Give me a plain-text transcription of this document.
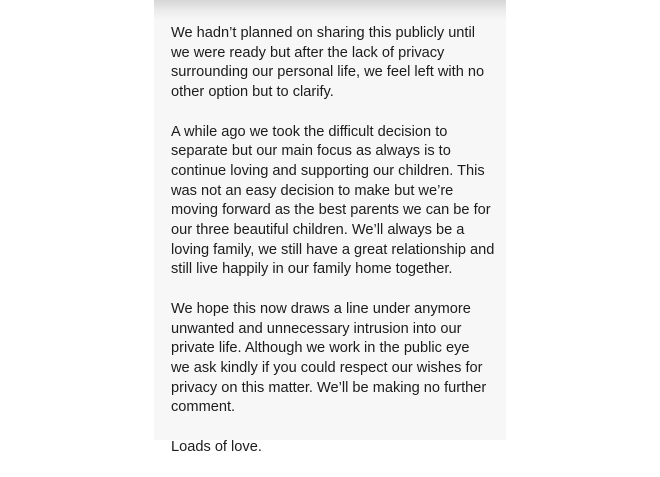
We hadn’t planned on sharing this publicly until
we were ready but after the lack of privacy
surrounding our personal life, we feel left with no
other option but to clarify.

A while ago we took the difficult decision to
separate but our main focus as always is to
continue loving and supporting our children. This
was not an easy decision to make but we’re
moving forward as the best parents we can be for
our three beautiful children. We’ll always be a
loving family, we still have a great relationship and
still live happily in our family home together.

We hope this now draws a line under anymore
unwanted and unnecessary intrusion into our
private life. Although we work in the public eye
we ask kindly if you could respect our wishes for
privacy on this matter. We’ll be making no further
comment.

Loads of love.
